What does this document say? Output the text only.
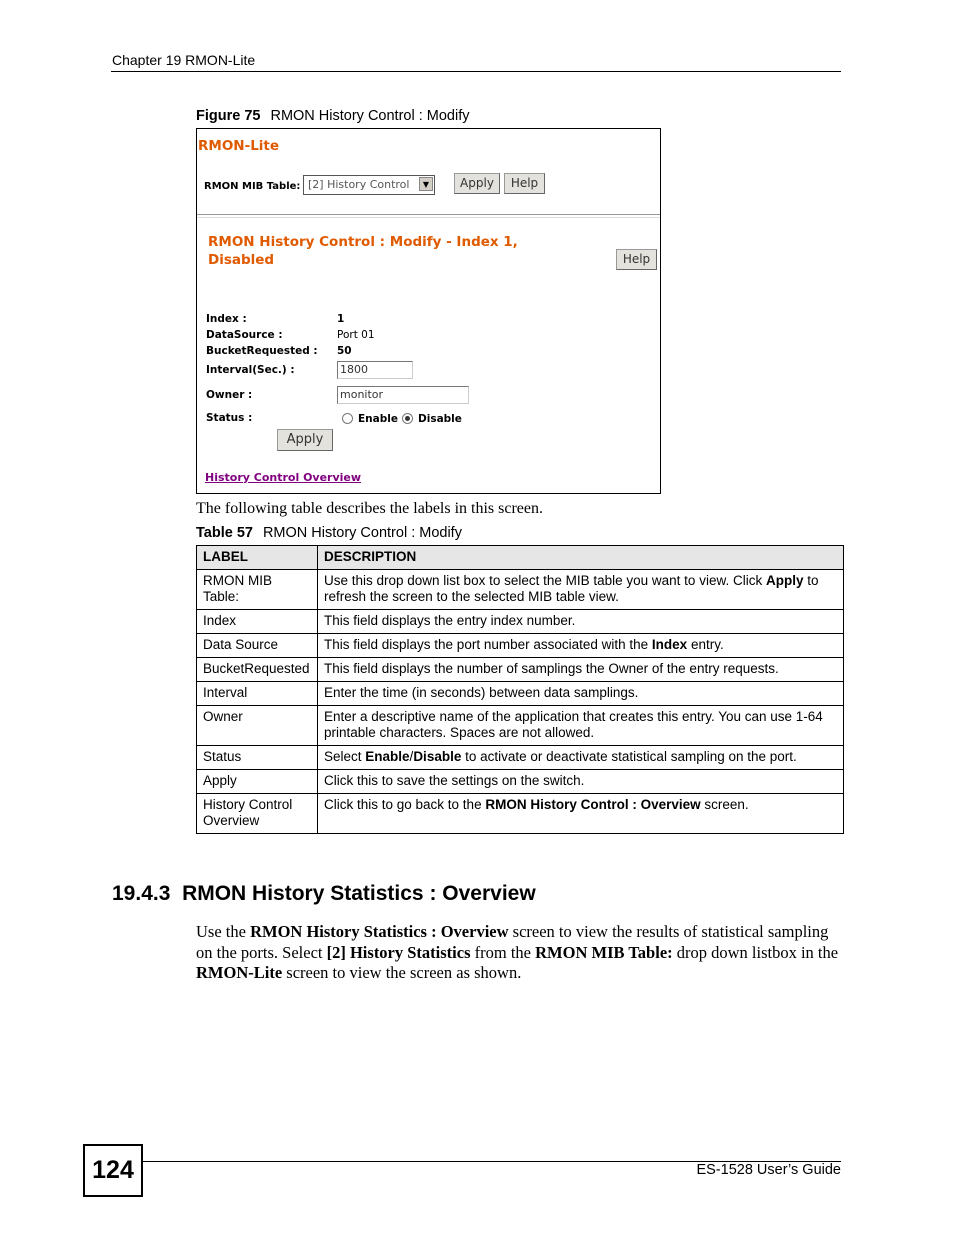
Chapter 19 RMON-Lite
Figure 75 RMON History Control : Modify
RMON-Lite
RMON MIB Table: [2] History Control	▼	Apply	Help
RMON History Control : Modify - Index 1, Disabled	Help
Index :	1
DataSource :	Port 01
BucketRequested : 50
Interval(Sec.) :	1800
Owner :	monitor
Status :	Enable Disable
Apply
History Control Overview
The following table describes the labels in this screen.
Table 57 RMON History Control : Modify
LABEL	DESCRIPTION
RMON MIB Table:	Use this drop down list box to select the MIB table you want to view. Click Apply to refresh the screen to the selected MIB table view.
Index	This field displays the entry index number.
Data Source	This field displays the port number associated with the Index entry.
BucketRequested	This field displays the number of samplings the Owner of the entry requests.
Interval	Enter the time (in seconds) between data samplings.
Owner	Enter a descriptive name of the application that creates this entry. You can use 1-64 printable characters. Spaces are not allowed.
Status	Select Enable/Disable to activate or deactivate statistical sampling on the port.
Apply	Click this to save the settings on the switch.
History Control Overview	Click this to go back to the RMON History Control : Overview screen.
19.4.3 RMON History Statistics : Overview
Use the RMON History Statistics : Overview screen to view the results of statistical sampling on the ports. Select [2] History Statistics from the RMON MIB Table: drop down listbox in the RMON-Lite screen to view the screen as shown.
124	ES-1528 User’s Guide
